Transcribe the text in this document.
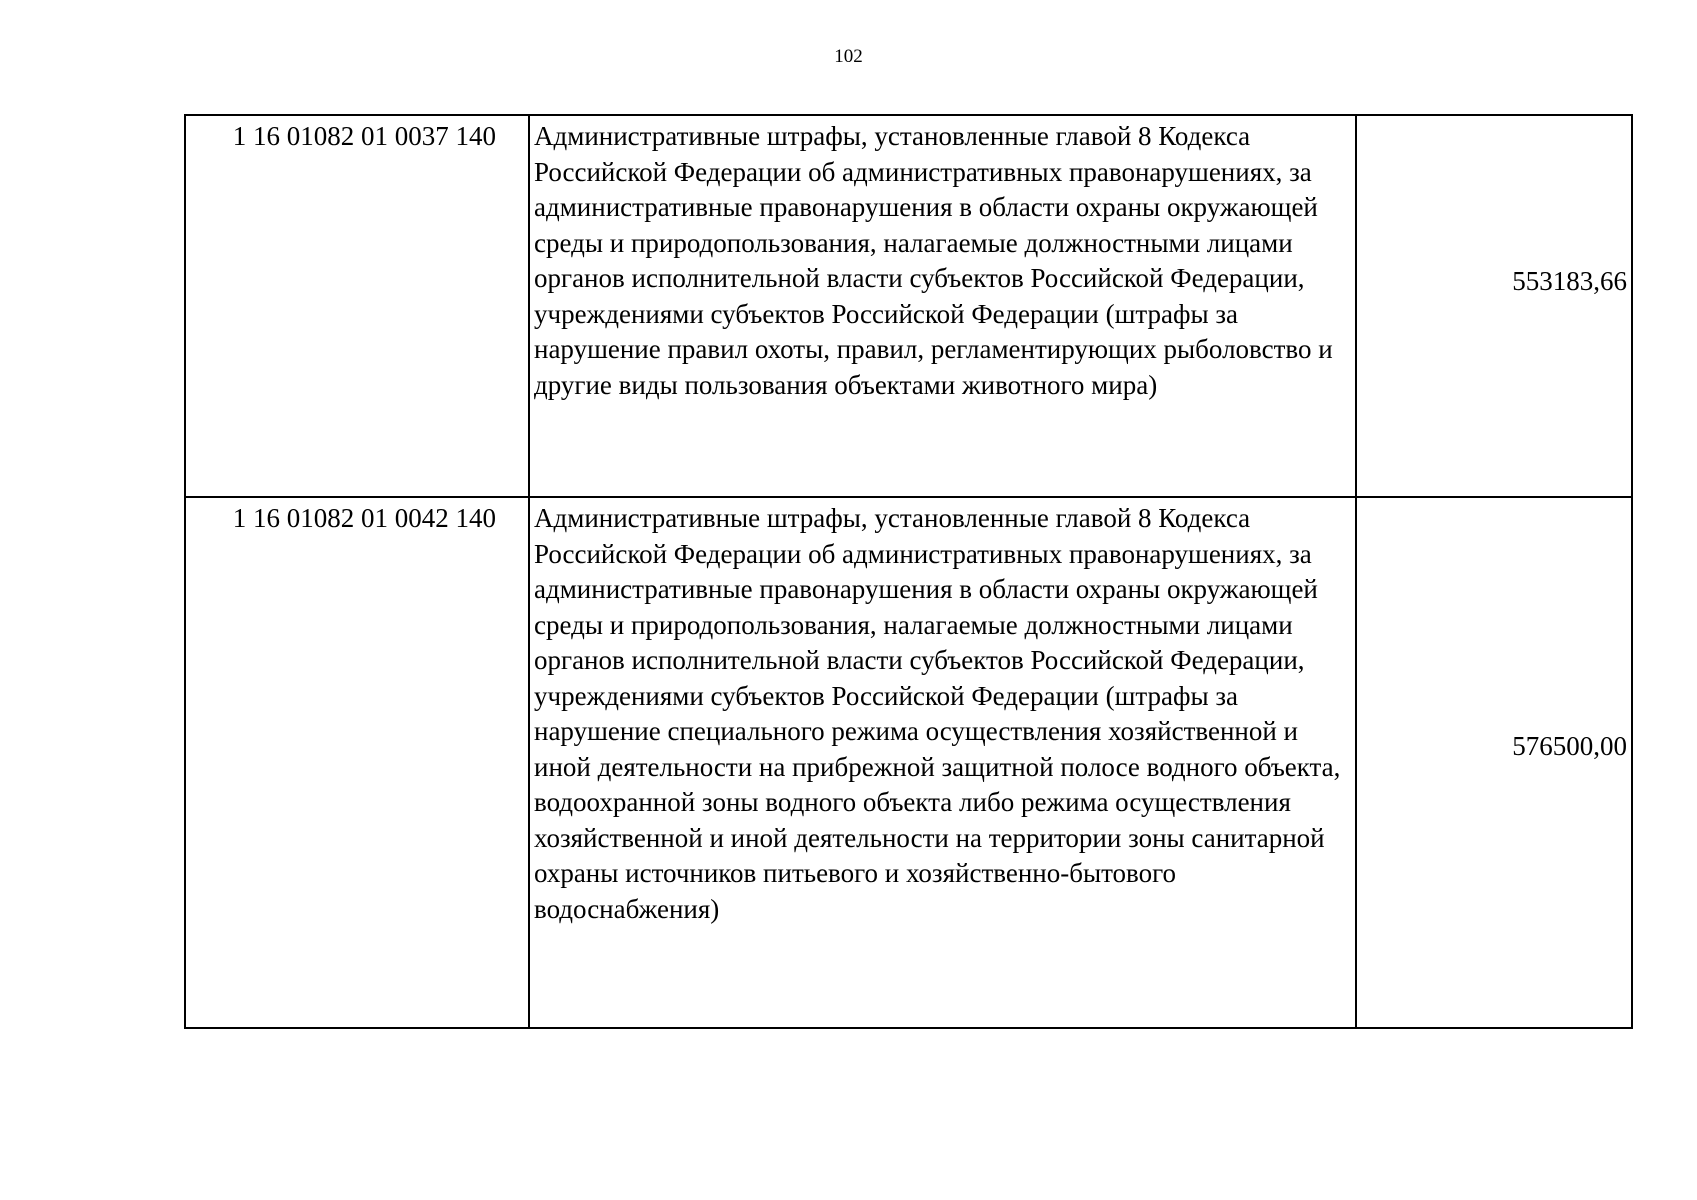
102
1 16 01082 01 0037 140	Административные штрафы, установленные главой 8 Кодекса Российской Федерации об административных правонарушениях, за административные правонарушения в области охраны окружающей среды и природопользования, налагаемые должностными лицами органов исполнительной власти субъектов Российской Федерации, учреждениями субъектов Российской Федерации (штрафы за нарушение правил охоты, правил, регламентирующих рыболовство и другие виды пользования объектами животного мира)	553183,66
1 16 01082 01 0042 140	Административные штрафы, установленные главой 8 Кодекса Российской Федерации об административных правонарушениях, за административные правонарушения в области охраны окружающей среды и природопользования, налагаемые должностными лицами органов исполнительной власти субъектов Российской Федерации, учреждениями субъектов Российской Федерации (штрафы за нарушение специального режима осуществления хозяйственной и иной деятельности на прибрежной защитной полосе водного объекта, водоохранной зоны водного объекта либо режима осуществления хозяйственной и иной деятельности на территории зоны санитарной охраны источников питьевого и хозяйственно-бытового водоснабжения)	576500,00
